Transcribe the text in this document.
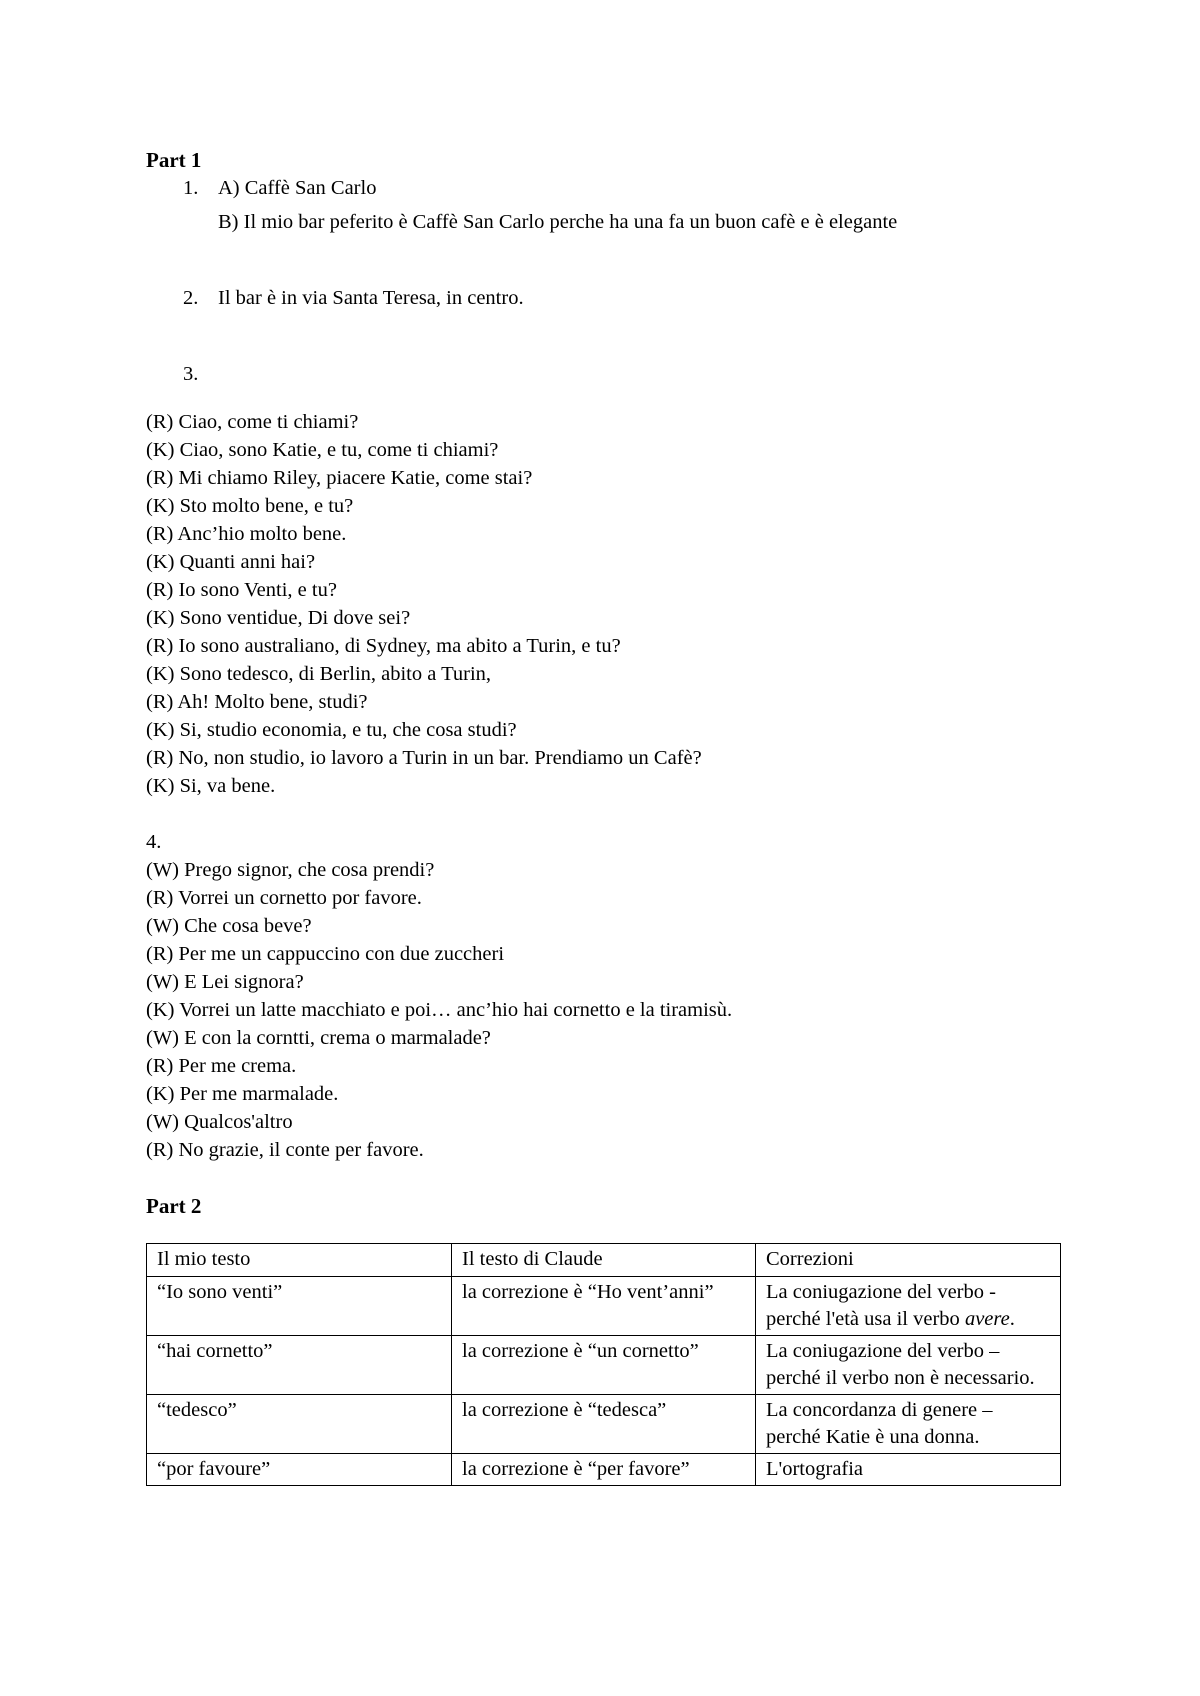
Part 1
1. A) Caffè San Carlo
B) Il mio bar peferito è Caffè San Carlo perche ha una fa un buon cafè e è elegante
2. Il bar è in via Santa Teresa, in centro.
3.
(R) Ciao, come ti chiami?
(K) Ciao, sono Katie, e tu, come ti chiami?
(R) Mi chiamo Riley, piacere Katie, come stai?
(K) Sto molto bene, e tu?
(R) Anc’hio molto bene.
(K) Quanti anni hai?
(R) Io sono Venti, e tu?
(K) Sono ventidue, Di dove sei?
(R) Io sono australiano, di Sydney, ma abito a Turin, e tu?
(K) Sono tedesco, di Berlin, abito a Turin,
(R) Ah! Molto bene, studi?
(K) Si, studio economia, e tu, che cosa studi?
(R) No, non studio, io lavoro a Turin in un bar. Prendiamo un Cafè?
(K) Si, va bene.
4.
(W) Prego signor, che cosa prendi?
(R) Vorrei un cornetto por favore.
(W) Che cosa beve?
(R) Per me un cappuccino con due zuccheri
(W) E Lei signora?
(K) Vorrei un latte macchiato e poi… anc’hio hai cornetto e la tiramisù.
(W) E con la corntti, crema o marmalade?
(R) Per me crema.
(K) Per me marmalade.
(W) Qualcos'altro
(R) No grazie, il conte per favore.
Part 2
Il mio testo	Il testo di Claude	Correzioni
“Io sono venti”	la correzione è “Ho vent’anni”	La coniugazione del verbo - perché l'età usa il verbo avere.
“hai cornetto”	la correzione è “un cornetto”	La coniugazione del verbo – perché il verbo non è necessario.
“tedesco”	la correzione è “tedesca”	La concordanza di genere – perché Katie è una donna.
“por favoure”	la correzione è “per favore”	L'ortografia
